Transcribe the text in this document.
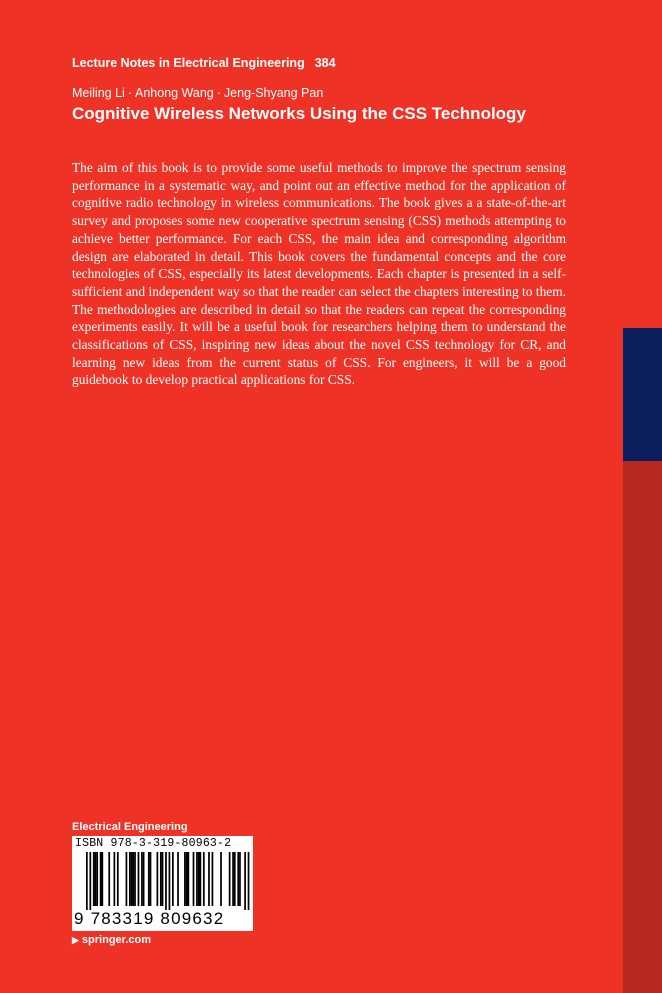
Lecture Notes in Electrical Engineering 384
Meiling Li · Anhong Wang · Jeng-Shyang Pan
Cognitive Wireless Networks Using the CSS Technology

The aim of this book is to provide some useful methods to improve the spectrum sensing performance in a systematic way, and point out an effective method for the application of cognitive radio technology in wireless communications. The book gives a a state-of-the-art survey and proposes some new cooperative spectrum sensing (CSS) methods attempting to achieve better performance. For each CSS, the main idea and corresponding algorithm design are elaborated in detail. This book covers the fundamental concepts and the core technologies of CSS, especially its latest developments. Each chapter is presented in a self-sufficient and independent way so that the reader can select the chapters interesting to them. The methodologies are described in detail so that the readers can repeat the corresponding experiments easily. It will be a useful book for researchers helping them to understand the classifications of CSS, inspiring new ideas about the novel CSS technology for CR, and learning new ideas from the current status of CSS. For engineers, it will be a good guidebook to develop practical applications for CSS.

Electrical Engineering
ISBN 978-3-319-80963-2
9 783319 809632
▶ springer.com
